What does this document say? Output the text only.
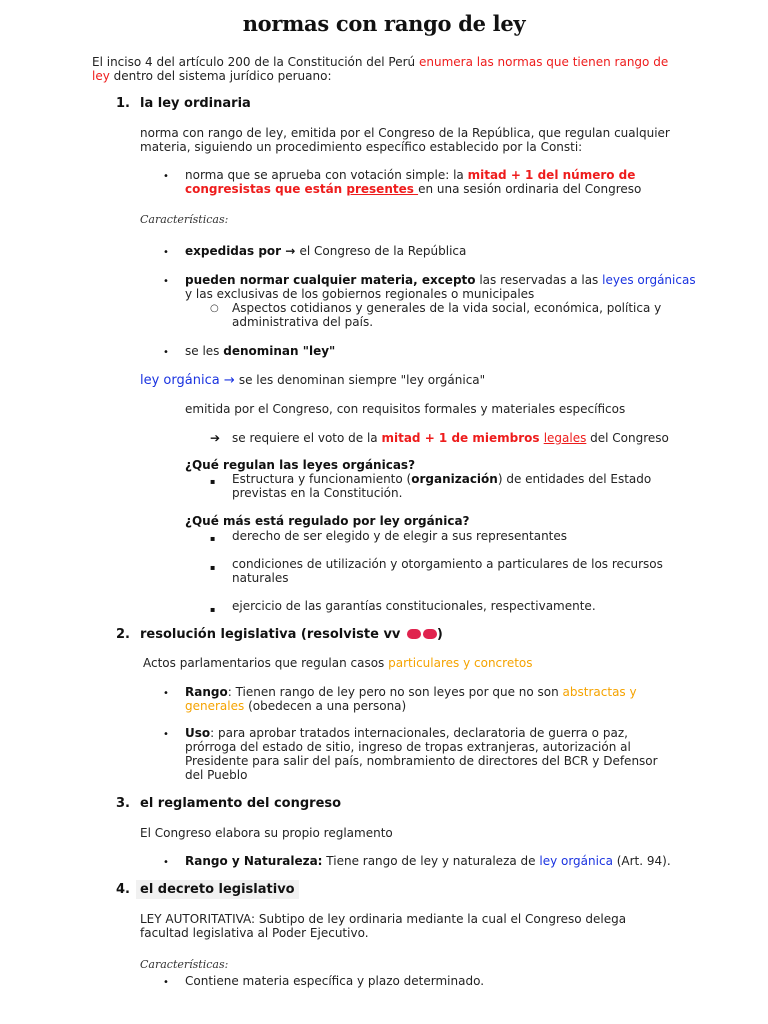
normas con rango de ley
El inciso 4 del artículo 200 de la Constitución del Perú enumera las normas que tienen rango de
ley dentro del sistema jurídico peruano:
1. la ley ordinaria
norma con rango de ley, emitida por el Congreso de la República, que regulan cualquier
materia, siguiendo un procedimiento específico establecido por la Consti:
• norma que se aprueba con votación simple: la mitad + 1 del número de
congresistas que están presentes en una sesión ordinaria del Congreso
Características:
• expedidas por → el Congreso de la República
• pueden normar cualquier materia, excepto las reservadas a las leyes orgánicas
y las exclusivas de los gobiernos regionales o municipales
○ Aspectos cotidianos y generales de la vida social, económica, política y
administrativa del país.
• se les denominan "ley"
ley orgánica → se les denominan siempre "ley orgánica"
emitida por el Congreso, con requisitos formales y materiales específicos
➔ se requiere el voto de la mitad + 1 de miembros legales del Congreso
¿Qué regulan las leyes orgánicas?
▪ Estructura y funcionamiento (organización) de entidades del Estado
previstas en la Constitución.
¿Qué más está regulado por ley orgánica?
▪ derecho de ser elegido y de elegir a sus representantes
▪ condiciones de utilización y otorgamiento a particulares de los recursos
naturales
▪ ejercicio de las garantías constitucionales, respectivamente.
2. resolución legislativa (resolviste vv )
Actos parlamentarios que regulan casos particulares y concretos
• Rango: Tienen rango de ley pero no son leyes por que no son abstractas y
generales (obedecen a una persona)
• Uso: para aprobar tratados internacionales, declaratoria de guerra o paz,
prórroga del estado de sitio, ingreso de tropas extranjeras, autorización al
Presidente para salir del país, nombramiento de directores del BCR y Defensor
del Pueblo
3. el reglamento del congreso
El Congreso elabora su propio reglamento
• Rango y Naturaleza: Tiene rango de ley y naturaleza de ley orgánica (Art. 94).
4. el decreto legislativo
LEY AUTORITATIVA: Subtipo de ley ordinaria mediante la cual el Congreso delega
facultad legislativa al Poder Ejecutivo.
Características:
• Contiene materia específica y plazo determinado.
